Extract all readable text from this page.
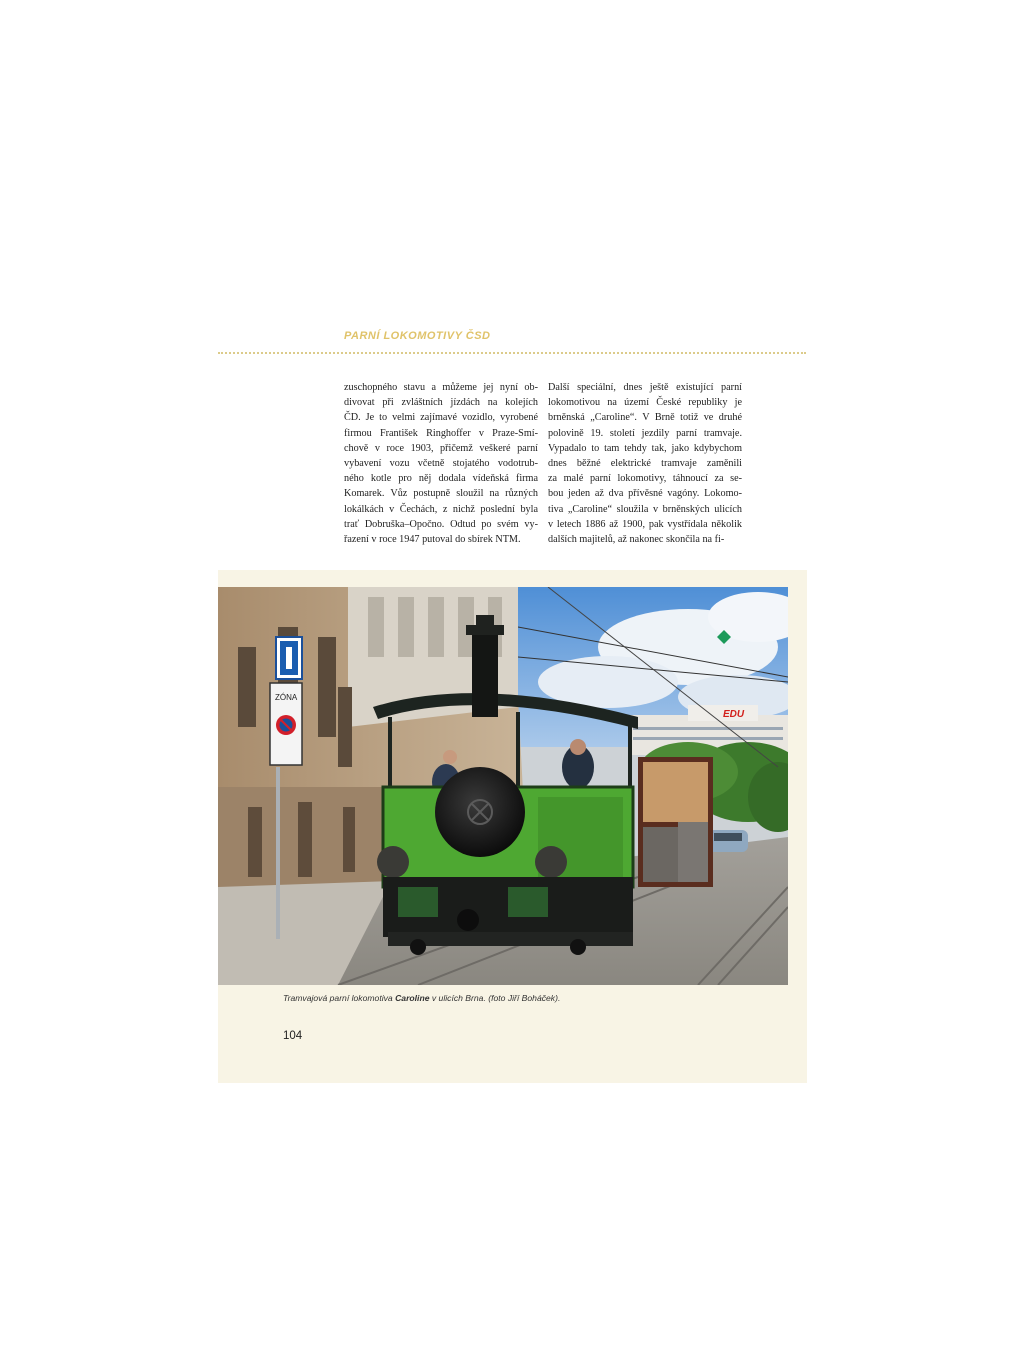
PARNÍ LOKOMOTIVY ČSD
zuschopného stavu a můžeme jej nyní ob-
divovat při zvláštních jízdách na kolejích
ČD. Je to velmi zajímavé vozidlo, vyrobené
firmou František Ringhoffer v Praze-Smí-
chově v roce 1903, přičemž veškeré parní
vybavení vozu včetně stojatého vodotrub-
ného kotle pro něj dodala vídeňská firma
Komarek. Vůz postupně sloužil na různých
lokálkách v Čechách, z nichž poslední byla
trať Dobruška–Opočno. Odtud po svém vy-
řazení v roce 1947 putoval do sbírek NTM.
Další speciální, dnes ještě existující parní
lokomotivou na území České republiky je
brněnská „Caroline“. V Brně totiž ve druhé
polovině 19. století jezdily parní tramvaje.
Vypadalo to tam tehdy tak, jako kdybychom
dnes běžné elektrické tramvaje zaměnili
za malé parní lokomotivy, táhnoucí za se-
bou jeden až dva přívěsné vagóny. Lokomo-
tiva „Caroline“ sloužila v brněnských ulicích
v letech 1886 až 1900, pak vystřídala několik
dalších majitelů, až nakonec skončila na fi-
EDU
ZÓNA
Tramvajová parní lokomotiva Caroline v ulicích Brna. (foto Jiří Boháček).
104
